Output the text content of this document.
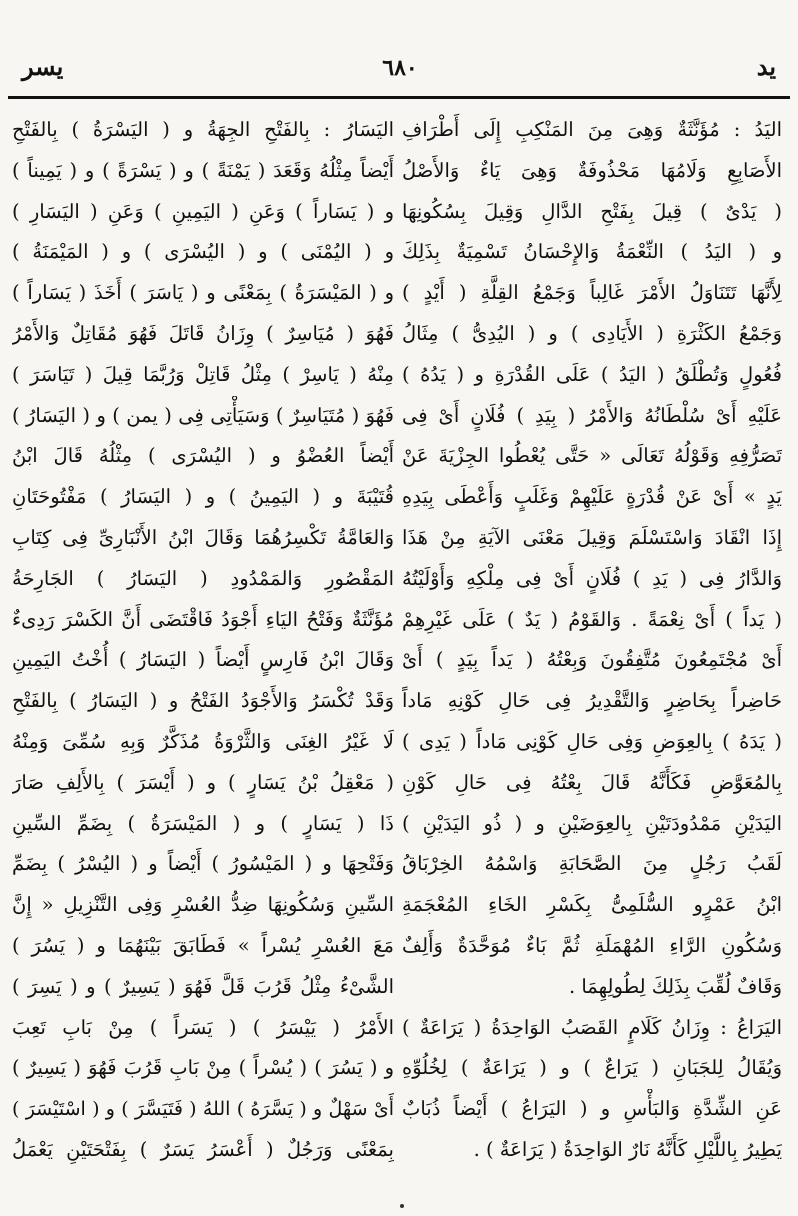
يسر	٦٨٠	يد
اليَدُ : مُؤَنَّثَةٌ وَهِىَ مِنَ المَنْكِبِ إِلَى أَطْرَافِ
الأَصَابِعِ وَلَامُهَا مَحْذُوفَةٌ وَهِىَ يَاءٌ وَالأَصْلُ
( يَدْىٌ ) قِيلَ بِفَتْحِ الدَّالِ وَقِيلَ بِسُكُونِهَا
و ( اليَدُ ) النِّعْمَةُ وَالإِحْسَانُ تَسْمِيَةٌ بِذَلِكَ
لِأَنَّهَا تَتَنَاوَلُ الأَمْرَ غَالِباً وَجَمْعُ القِلَّةِ ( أَيْدٍ )
وَجَمْعُ الكَثْرَةِ ( الأَيَادِى ) و ( اليُدِىُّ ) مِثَالُ
فُعُولٍ وَتُطْلَقُ ( اليَدُ ) عَلَى القُدْرَةِ و ( يَدُهُ )
عَلَيْهِ أَىْ سُلْطَانُهُ وَالأَمْرُ ( بِيَدِ ) فُلَانٍ أَىْ فِى
تَصَرُّفِهِ وَقَوْلُهُ تَعَالَى « حَتَّى يُعْطُوا الجِزْيَةَ عَنْ
يَدٍ » أَىْ عَنْ قُدْرَةٍ عَلَيْهِمْ وَغَلَبٍ وَأَعْطَى بِيَدِهِ
إِذَا انْقَادَ وَاسْتَسْلَمَ وَقِيلَ مَعْنَى الآيَةِ مِنْ هَذَا
وَالدَّارُ فِى ( يَدِ ) فُلَانٍ أَىْ فِى مِلْكِهِ وَأَوْلَيْتُهُ
( يَداً ) أَىْ نِعْمَةً . وَالقَوْمُ ( يَدٌ ) عَلَى غَيْرِهِمْ
أَىْ مُجْتَمِعُونَ مُتَّفِقُونَ وَبِعْتُهُ ( يَداً بِيَدٍ ) أَىْ
حَاضِراً بِحَاضِرٍ وَالتَّقْدِيرُ فِى حَالِ كَوْنِهِ مَاداً
( يَدَهُ ) بِالعِوَضِ وَفِى حَالِ كَوْنِى مَاداً ( يَدِى )
بِالمُعَوَّضِ فَكَأَنَّهُ قَالَ بِعْتُهُ فِى حَالِ كَوْنِ
اليَدَيْنِ مَمْدُودَتَيْنِ بِالعِوَضَيْنِ و ( ذُو اليَدَيْنِ )
لَقَبُ رَجُلٍ مِنَ الصَّحَابَةِ وَاسْمُهُ الخِرْبَاقُ
ابْنُ عَمْرٍو السُّلَمِىُّ بِكَسْرِ الخَاءِ المُعْجَمَةِ
وَسُكُونِ الرَّاءِ المُهْمَلَةِ ثُمَّ بَاءٌ مُوَحَّدَةٌ وَأَلِفٌ
وَقَافٌ لُقِّبَ بِذَلِكَ لِطُولِهِمَا .
اليَرَاعُ : وِزَانُ كَلَامٍ القَصَبُ الوَاحِدَةُ ( يَرَاعَةٌ )
وَيُقَالُ لِلجَبَانِ ( يَرَاعٌ ) و ( يَرَاعَةٌ ) لِخُلُوِّهِ
عَنِ الشِّدَّةِ وَالبَأْسِ و ( اليَرَاعُ ) أَيْضاً ذُبَابٌ
يَطِيرُ بِاللَّيْلِ كَأَنَّهُ نَارٌ الوَاحِدَةُ ( يَرَاعَةٌ ) .
اليَسَارُ : بِالفَتْحِ الجِهَةُ و ( اليَسْرَةُ ) بِالفَتْحِ
أَيْضاً مِثْلُهُ وَقَعَدَ ( يَمْنَةً ) و ( يَسْرَةً ) و ( يَمِيناً )
و ( يَسَاراً ) وَعَنِ ( اليَمِينِ ) وَعَنِ ( اليَسَارِ )
و ( اليُمْنَى ) و ( اليُسْرَى ) و ( المَيْمَنَةُ )
و ( المَيْسَرَةُ ) بِمَعْنًى و ( يَاسَرَ ) أَخَذَ ( يَسَاراً )
فَهُوَ ( مُيَاسِرٌ ) وِزَانُ قَاتَلَ فَهُوَ مُقَاتِلٌ وَالأَمْرُ
مِنْهُ ( يَاسِرْ ) مِثْلُ قَاتِلْ وَرُبَّمَا قِيلَ ( تَيَاسَرَ )
فَهُوَ ( مُتَيَاسِرٌ ) وَسَيَأْتِى فِى ( يمن ) و ( اليَسَارُ )
أَيْضاً العُضْوُ و ( اليُسْرَى ) مِثْلُهُ قَالَ ابْنُ
قُتَيْبَةَ و ( اليَمِينُ ) و ( اليَسَارُ ) مَفْتُوحَتَانِ
وَالعَامَّةُ تَكْسِرُهُمَا وَقَالَ ابْنُ الأَنْبَارِىِّ فِى كِتَابِ
المَقْصُورِ وَالمَمْدُودِ ( اليَسَارُ ) الجَارِحَةُ
مُؤَنَّثَةٌ وَفَتْحُ اليَاءِ أَجْوَدُ فَاقْتَضَى أَنَّ الكَسْرَ رَدِىءٌ
وَقَالَ ابْنُ فَارِسٍ أَيْضاً ( اليَسَارُ ) أُخْتُ اليَمِينِ
وَقَدْ تُكْسَرُ وَالأَجْوَدُ الفَتْحُ و ( اليَسَارُ ) بِالفَتْحِ
لَا غَيْرُ الغِنَى وَالثَّرْوَةُ مُذَكَّرٌ وَبِهِ سُمِّىَ وَمِنْهُ
( مَعْقِلُ بْنُ يَسَارٍ ) و ( أَيْسَرَ ) بِالأَلِفِ صَارَ
ذَا ( يَسَارٍ ) و ( المَيْسَرَةُ ) بِضَمِّ السِّينِ
وَفَتْحِهَا و ( المَيْسُورُ ) أَيْضاً و ( اليُسْرُ ) بِضَمِّ
السِّينِ وَسُكُونِهَا ضِدُّ العُسْرِ وَفِى التَّنْزِيلِ « إِنَّ
مَعَ العُسْرِ يُسْراً » فَطَابَقَ بَيْنَهُمَا و ( يَسُرَ )
الشَّىْءُ مِثْلُ قَرُبَ قَلَّ فَهُوَ ( يَسِيرٌ ) و ( يَسِرَ )
الأَمْرُ ( يَيْسَرُ ) ( يَسَراً ) مِنْ بَابِ تَعِبَ
و ( يَسُرَ ) ( يُسْراً ) مِنْ بَابِ قَرُبَ فَهُوَ ( يَسِيرٌ )
أَىْ سَهْلٌ و ( يَسَّرَهُ ) اللهُ ( فَتَيَسَّرَ ) و ( اسْتَيْسَرَ )
بِمَعْنًى وَرَجُلٌ ( أَعْسَرُ يَسَرٌ ) بِفَتْحَتَيْنِ يَعْمَلُ
